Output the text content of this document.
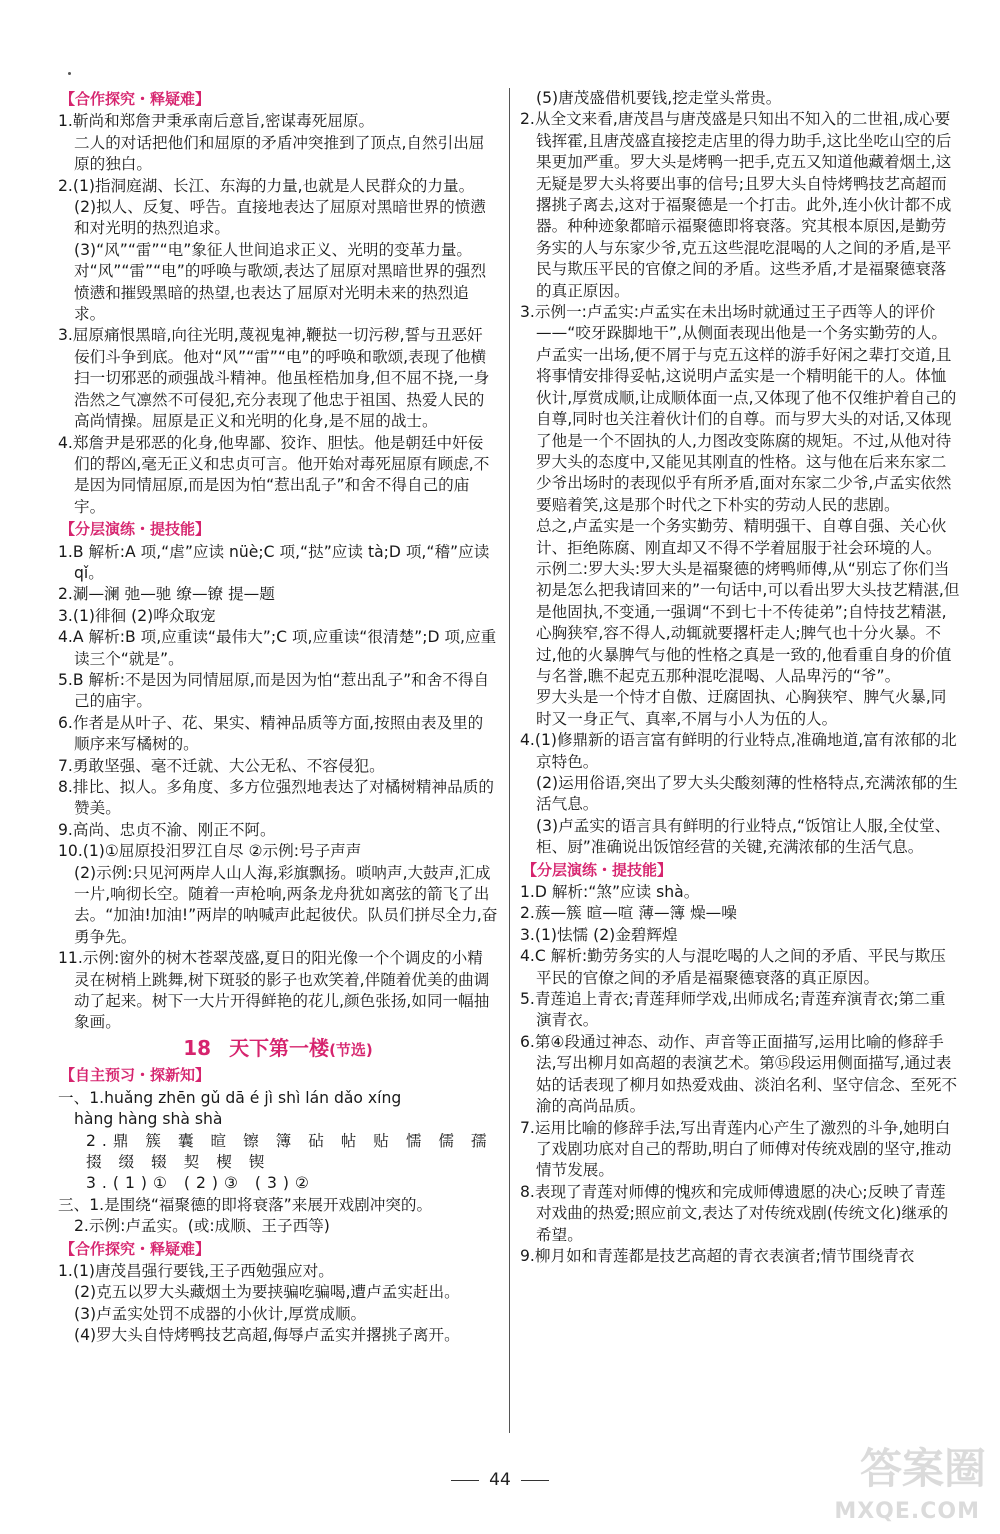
【合作探究・释疑难】

1.靳尚和郑詹尹秉承南后意旨,密谋毒死屈原。

二人的对话把他们和屈原的矛盾冲突推到了顶点,自然引出屈原的独白。

2.(1)指洞庭湖、长江、东海的力量,也就是人民群众的力量。

(2)拟人、反复、呼告。直接地表达了屈原对黑暗世界的愤懑和对光明的热烈追求。

(3)“风”“雷”“电”象征人世间追求正义、光明的变革力量。对“风”“雷”“电”的呼唤与歌颂,表达了屈原对黑暗世界的强烈愤懑和摧毁黑暗的热望,也表达了屈原对光明未来的热烈追求。

3.屈原痛恨黑暗,向往光明,蔑视鬼神,鞭挞一切污秽,誓与丑恶奸佞们斗争到底。他对“风”“雷”“电”的呼唤和歌颂,表现了他横扫一切邪恶的顽强战斗精神。他虽桎梏加身,但不屈不挠,一身浩然之气凛然不可侵犯,充分表现了他忠于祖国、热爱人民的高尚情操。屈原是正义和光明的化身,是不屈的战士。

4.郑詹尹是邪恶的化身,他卑鄙、狡诈、胆怯。他是朝廷中奸佞们的帮凶,毫无正义和忠贞可言。他开始对毒死屈原有顾虑,不是因为同情屈原,而是因为怕“惹出乱子”和舍不得自己的庙宇。

【分层演练・提技能】

1.B 解析:A 项,“虐”应读 nüè;C 项,“挞”应读 tà;D 项,“稽”应读 qǐ。

2.涮—澜 弛—驰 缭—镣 提—题

3.(1)徘徊 (2)哗众取宠

4.A 解析:B 项,应重读“最伟大”;C 项,应重读“很清楚”;D 项,应重读三个“就是”。

5.B 解析:不是因为同情屈原,而是因为怕“惹出乱子”和舍不得自己的庙宇。

6.作者是从叶子、花、果实、精神品质等方面,按照由表及里的顺序来写橘树的。

7.勇敢坚强、毫不迁就、大公无私、不容侵犯。

8.排比、拟人。多角度、多方位强烈地表达了对橘树精神品质的赞美。

9.高尚、忠贞不渝、刚正不阿。

10.(1)①屈原投汨罗江自尽 ②示例:号子声声

(2)示例:只见河两岸人山人海,彩旗飘扬。唢呐声,大鼓声,汇成一片,响彻长空。随着一声枪响,两条龙舟犹如离弦的箭飞了出去。“加油!加油!”两岸的呐喊声此起彼伏。队员们拼尽全力,奋勇争先。

11.示例:窗外的树木苍翠茂盛,夏日的阳光像一个个调皮的小精灵在树梢上跳舞,树下斑驳的影子也欢笑着,伴随着优美的曲调动了起来。树下一大片开得鲜艳的花儿,颜色张扬,如同一幅抽象画。

18 天下第一楼(节选)
【自主预习・探新知】

一、1.huǎng zhēn gǔ dā é jì shì lán dǎo xíng

hàng hàng shà shà

2.鼎 簇 囊 暄 镲 簿 砧 帖 贴 懦 儒 孺

掇 缀 辍 契 楔 锲

3.(1)① (2)③ (3)②

三、1.是围绕“福聚德的即将衰落”来展开戏剧冲突的。

2.示例:卢孟实。(或:成顺、王子西等)

【合作探究・释疑难】

1.(1)唐茂昌强行要钱,王子西勉强应对。

(2)克五以罗大头藏烟土为要挟骗吃骗喝,遭卢孟实赶出。

(3)卢孟实处罚不成器的小伙计,厚赏成顺。

(4)罗大头自恃烤鸭技艺高超,侮辱卢孟实并撂挑子离开。

(5)唐茂盛借机要钱,挖走堂头常贵。

2.从全文来看,唐茂昌与唐茂盛是只知出不知入的二世祖,成心要钱挥霍,且唐茂盛直接挖走店里的得力助手,这比坐吃山空的后果更加严重。罗大头是烤鸭一把手,克五又知道他藏着烟土,这无疑是罗大头将要出事的信号;且罗大头自恃烤鸭技艺高超而撂挑子离去,这对于福聚德是一个打击。此外,连小伙计都不成器。种种迹象都暗示福聚德即将衰落。究其根本原因,是勤劳务实的人与东家少爷,克五这些混吃混喝的人之间的矛盾,是平民与欺压平民的官僚之间的矛盾。这些矛盾,才是福聚德衰落的真正原因。

3.示例一:卢孟实:卢孟实在未出场时就通过王子西等人的评价——“咬牙跺脚地干”,从侧面表现出他是一个务实勤劳的人。卢孟实一出场,便不屑于与克五这样的游手好闲之辈打交道,且将事情安排得妥帖,这说明卢孟实是一个精明能干的人。体恤伙计,厚赏成顺,让成顺体面一点,又体现了他不仅维护着自己的自尊,同时也关注着伙计们的自尊。而与罗大头的对话,又体现了他是一个不固执的人,力图改变陈腐的规矩。不过,从他对待罗大头的态度中,又能见其刚直的性格。这与他在后来东家二少爷出场时的表现似乎有所矛盾,面对东家二少爷,卢孟实依然要赔着笑,这是那个时代之下朴实的劳动人民的悲剧。

总之,卢孟实是一个务实勤劳、精明强干、自尊自强、关心伙计、拒绝陈腐、刚直却又不得不学着屈服于社会环境的人。

示例二:罗大头:罗大头是福聚德的烤鸭师傅,从“别忘了你们当初是怎么把我请回来的”一句话中,可以看出罗大头技艺精湛,但是他固执,不变通,一强调“不到七十不传徒弟”;自恃技艺精湛,心胸狭窄,容不得人,动辄就要撂杆走人;脾气也十分火暴。不过,他的火暴脾气与他的性格之真是一致的,他看重自身的价值与名誉,瞧不起克五那种混吃混喝、人品卑污的“爷”。

罗大头是一个恃才自傲、迂腐固执、心胸狭窄、脾气火暴,同时又一身正气、真率,不屑与小人为伍的人。

4.(1)修鼎新的语言富有鲜明的行业特点,准确地道,富有浓郁的北京特色。

(2)运用俗语,突出了罗大头尖酸刻薄的性格特点,充满浓郁的生活气息。

(3)卢孟实的语言具有鲜明的行业特点,“饭馆让人服,全仗堂、柜、厨”准确说出饭馆经营的关键,充满浓郁的生活气息。

【分层演练・提技能】

1.D 解析:“煞”应读 shà。

2.蔟—簇 暄—喧 薄—簿 燥—噪

3.(1)怯懦 (2)金碧辉煌

4.C 解析:勤劳务实的人与混吃喝的人之间的矛盾、平民与欺压平民的官僚之间的矛盾是福聚德衰落的真正原因。

5.青莲追上青衣;青莲拜师学戏,出师成名;青莲弃演青衣;第二重演青衣。

6.第④段通过神态、动作、声音等正面描写,运用比喻的修辞手法,写出柳月如高超的表演艺术。第⑮段运用侧面描写,通过表姑的话表现了柳月如热爱戏曲、淡泊名利、坚守信念、至死不渝的高尚品质。

7.运用比喻的修辞手法,写出青莲内心产生了激烈的斗争,她明白了戏剧功底对自己的帮助,明白了师傅对传统戏剧的坚守,推动情节发展。

8.表现了青莲对师傅的愧疚和完成师傅遗愿的决心;反映了青莲对戏曲的热爱;照应前文,表达了对传统戏剧(传统文化)继承的希望。

9.柳月如和青莲都是技艺高超的青衣表演者;情节围绕青衣

44	答案圈
MXQE.COM
